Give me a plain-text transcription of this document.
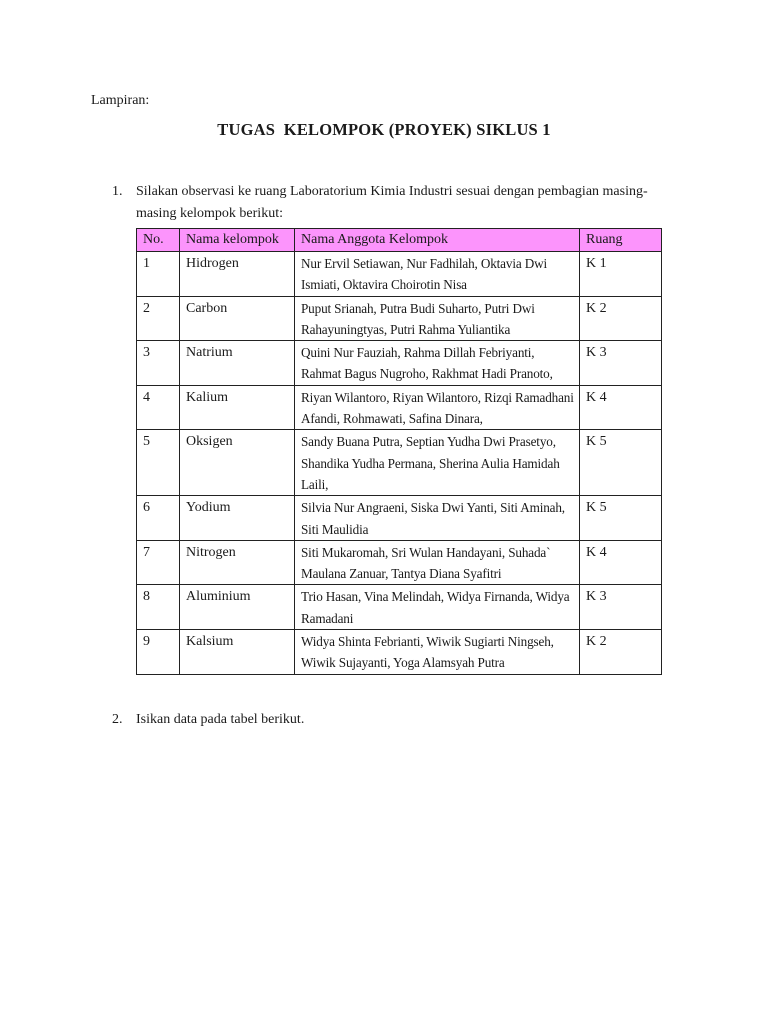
Lampiran:
TUGAS  KELOMPOK (PROYEK) SIKLUS 1
1. Silakan observasi ke ruang Laboratorium Kimia Industri sesuai dengan pembagian masing-masing kelompok berikut:
No.	Nama kelompok	Nama Anggota Kelompok	Ruang
1	Hidrogen	Nur Ervil Setiawan, Nur Fadhilah, Oktavia Dwi Ismiati, Oktavira Choirotin Nisa	K 1
2	Carbon	Puput Srianah, Putra Budi Suharto, Putri Dwi Rahayuningtyas, Putri Rahma Yuliantika	K 2
3	Natrium	Quini Nur Fauziah, Rahma Dillah Febriyanti, Rahmat Bagus Nugroho, Rakhmat Hadi Pranoto,	K 3
4	Kalium	Riyan Wilantoro, Riyan Wilantoro, Rizqi Ramadhani Afandi, Rohmawati, Safina Dinara,	K 4
5	Oksigen	Sandy Buana Putra, Septian Yudha Dwi Prasetyo, Shandika Yudha Permana, Sherina Aulia Hamidah Laili,	K 5
6	Yodium	Silvia Nur Angraeni, Siska Dwi Yanti, Siti Aminah, Siti Maulidia	K 5
7	Nitrogen	Siti Mukaromah, Sri Wulan Handayani, Suhada` Maulana Zanuar, Tantya Diana Syafitri	K 4
8	Aluminium	Trio Hasan, Vina Melindah, Widya Firnanda, Widya Ramadani	K 3
9	Kalsium	Widya Shinta Febrianti, Wiwik Sugiarti Ningseh, Wiwik Sujayanti, Yoga Alamsyah Putra	K 2
2. Isikan data pada tabel berikut.
